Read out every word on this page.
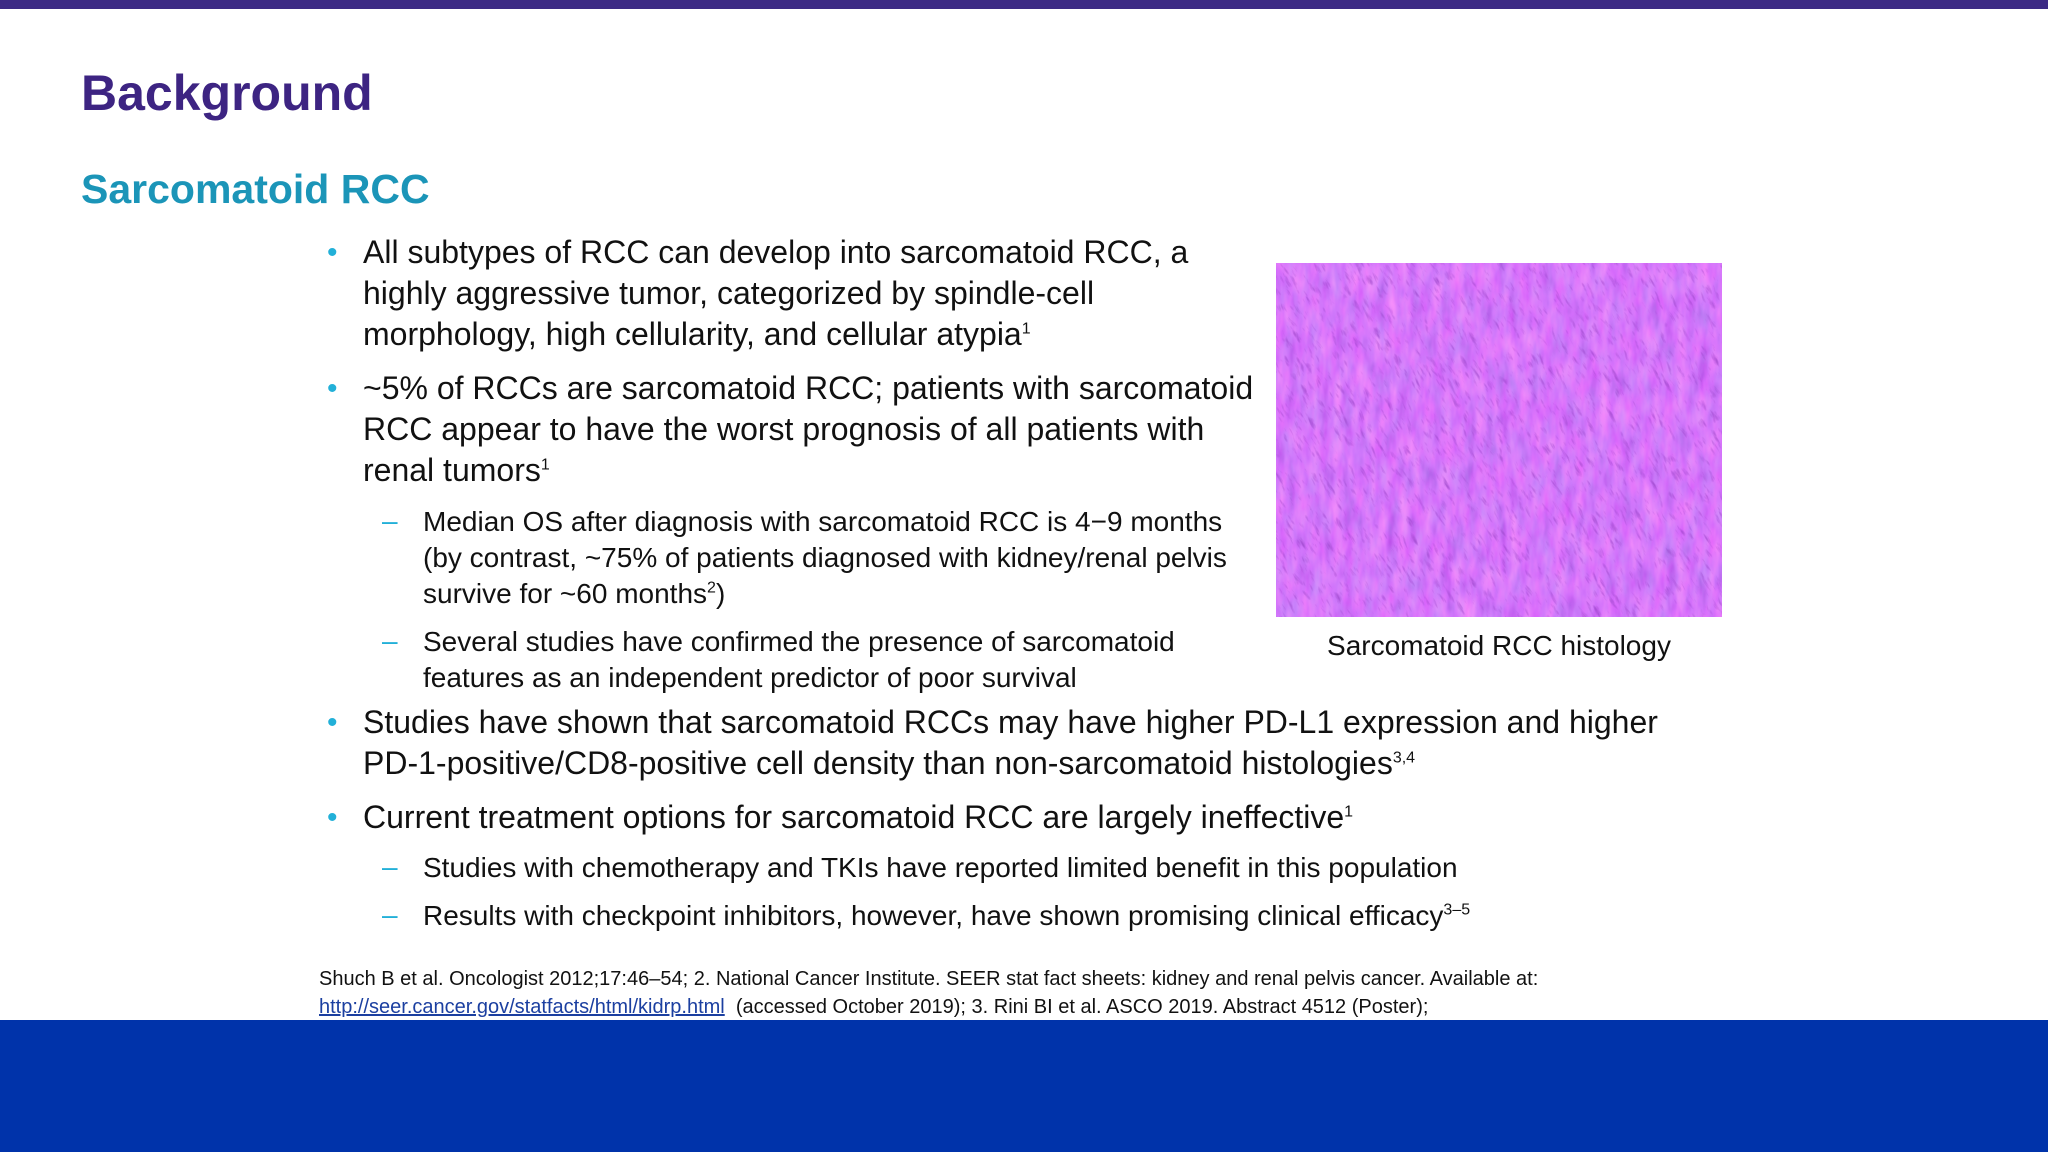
Background
Sarcomatoid RCC
• All subtypes of RCC can develop into sarcomatoid RCC, a highly aggressive tumor, categorized by spindle-cell morphology, high cellularity, and cellular atypia$^1$
• ~5% of RCCs are sarcomatoid RCC; patients with sarcomatoid RCC appear to have the worst prognosis of all patients with renal tumors$^1$
– Median OS after diagnosis with sarcomatoid RCC is 4−9 months (by contrast, ~75% of patients diagnosed with kidney/renal pelvis survive for ~60 months$^2$)
– Several studies have confirmed the presence of sarcomatoid features as an independent predictor of poor survival
• Studies have shown that sarcomatoid RCCs may have higher PD-L1 expression and higher PD-1-positive/CD8-positive cell density than non-sarcomatoid histologies$^{3,4}$
• Current treatment options for sarcomatoid RCC are largely ineffective$^1$
– Studies with chemotherapy and TKIs have reported limited benefit in this population
– Results with checkpoint inhibitors, however, have shown promising clinical efficacy$^{3-5}$
Sarcomatoid RCC histology
Shuch B et al. Oncologist 2012;17:46–54; 2. National Cancer Institute. SEER stat fact sheets: kidney and renal pelvis cancer. Available at:
http://seer.cancer.gov/statfacts/html/kidrp.html  (accessed October 2019); 3. Rini BI et al. ASCO 2019. Abstract 4512 (Poster);
